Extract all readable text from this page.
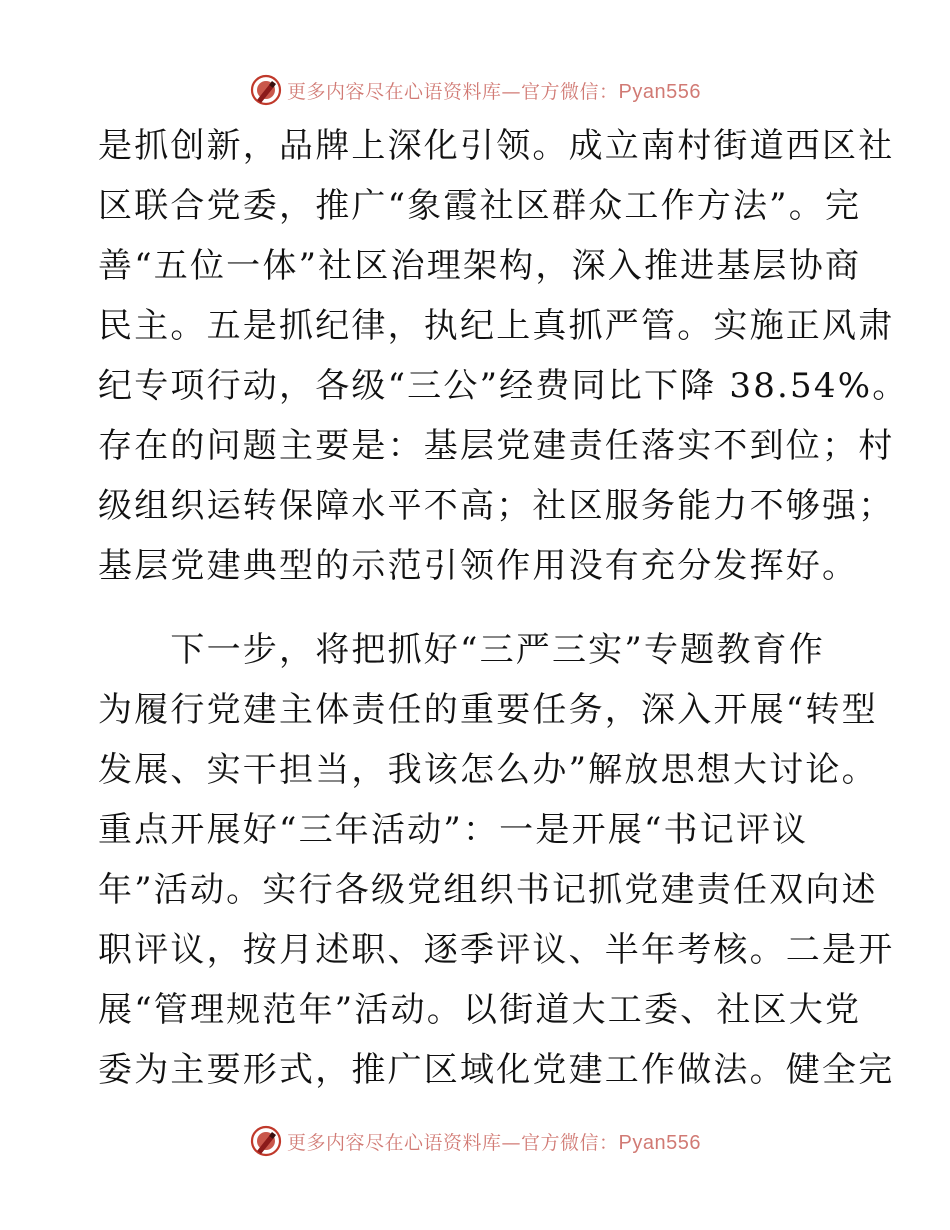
更多内容尽在心语资料库—官方微信：Pyan556
是抓创新，品牌上深化引领。成立南村街道西区社
区联合党委，推广“象霞社区群众工作方法”。完
善“五位一体”社区治理架构，深入推进基层协商
民主。五是抓纪律，执纪上真抓严管。实施正风肃
纪专项行动，各级“三公”经费同比下降 38.54%。
存在的问题主要是：基层党建责任落实不到位；村
级组织运转保障水平不高；社区服务能力不够强；
基层党建典型的示范引领作用没有充分发挥好。
　　下一步，将把抓好“三严三实”专题教育作
为履行党建主体责任的重要任务，深入开展“转型
发展、实干担当，我该怎么办”解放思想大讨论。
重点开展好“三年活动”：一是开展“书记评议
年”活动。实行各级党组织书记抓党建责任双向述
职评议，按月述职、逐季评议、半年考核。二是开
展“管理规范年”活动。以街道大工委、社区大党
委为主要形式，推广区域化党建工作做法。健全完
更多内容尽在心语资料库—官方微信：Pyan556
